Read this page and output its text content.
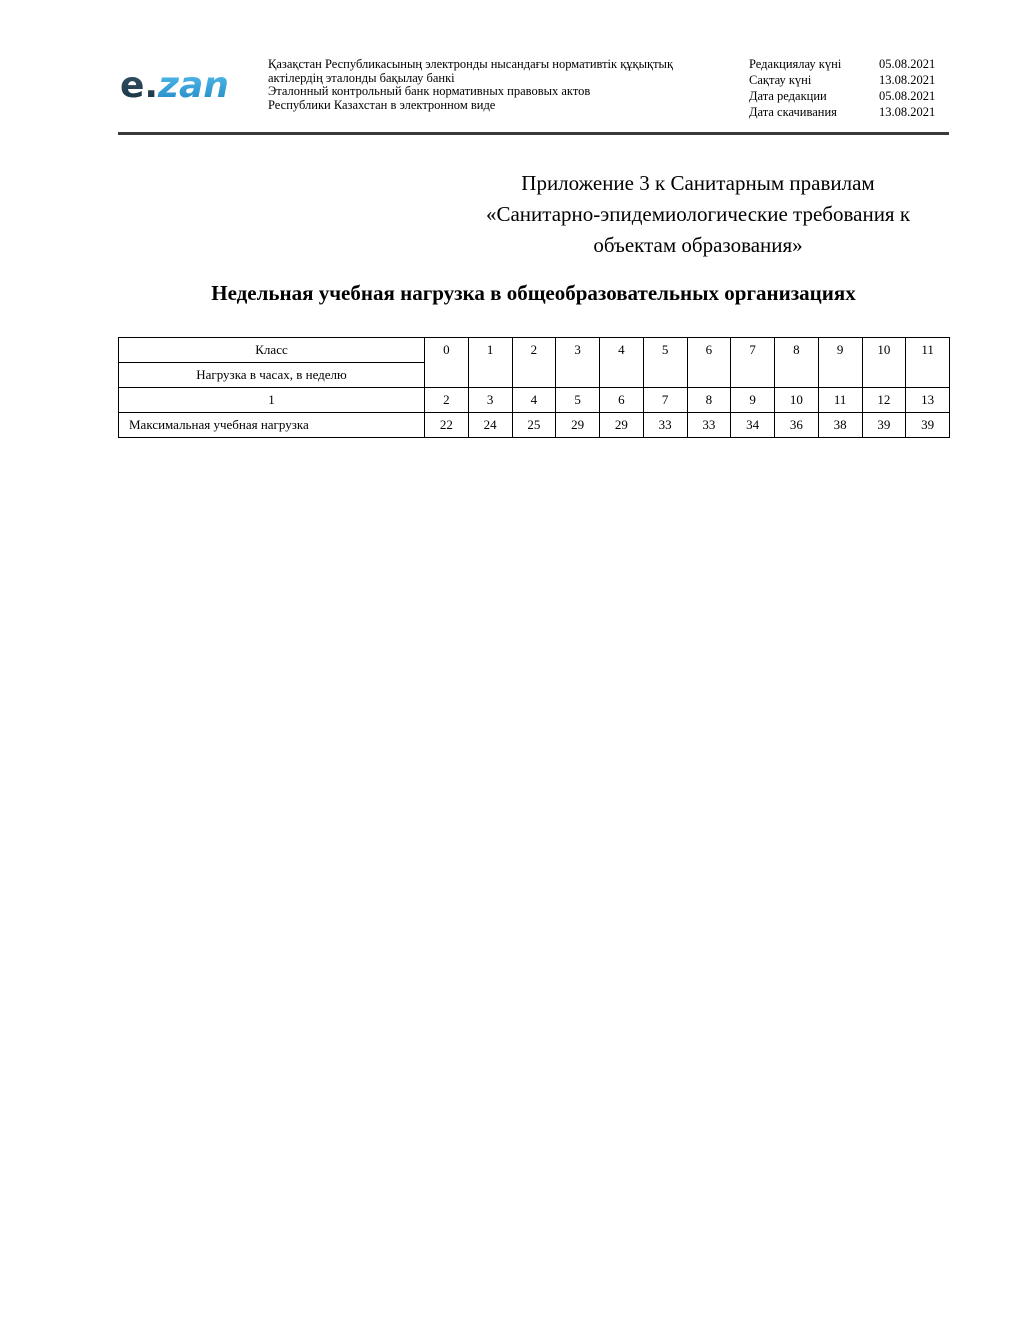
e. zan
Қазақстан Республикасының электронды нысандағы нормативтік құқықтық
актілердің эталонды бақылау банкі
Эталонный контрольный банк нормативных правовых актов
Республики Казахстан в электронном виде
Редакциялау күні	05.08.2021
Сақтау күні	13.08.2021
Дата редакции	05.08.2021
Дата скачивания	13.08.2021
Приложение 3 к Санитарным правилам
«Санитарно-эпидемиологические требования к
объектам образования»
Недельная учебная нагрузка в общеобразовательных организациях
Класс	0	1	2	3	4	5	6	7	8	9	10	11
Нагрузка в часах, в неделю												
1	2	3	4	5	6	7	8	9	10	11	12	13
Максимальная учебная нагрузка	22	24	25	29	29	33	33	34	36	38	39	39
